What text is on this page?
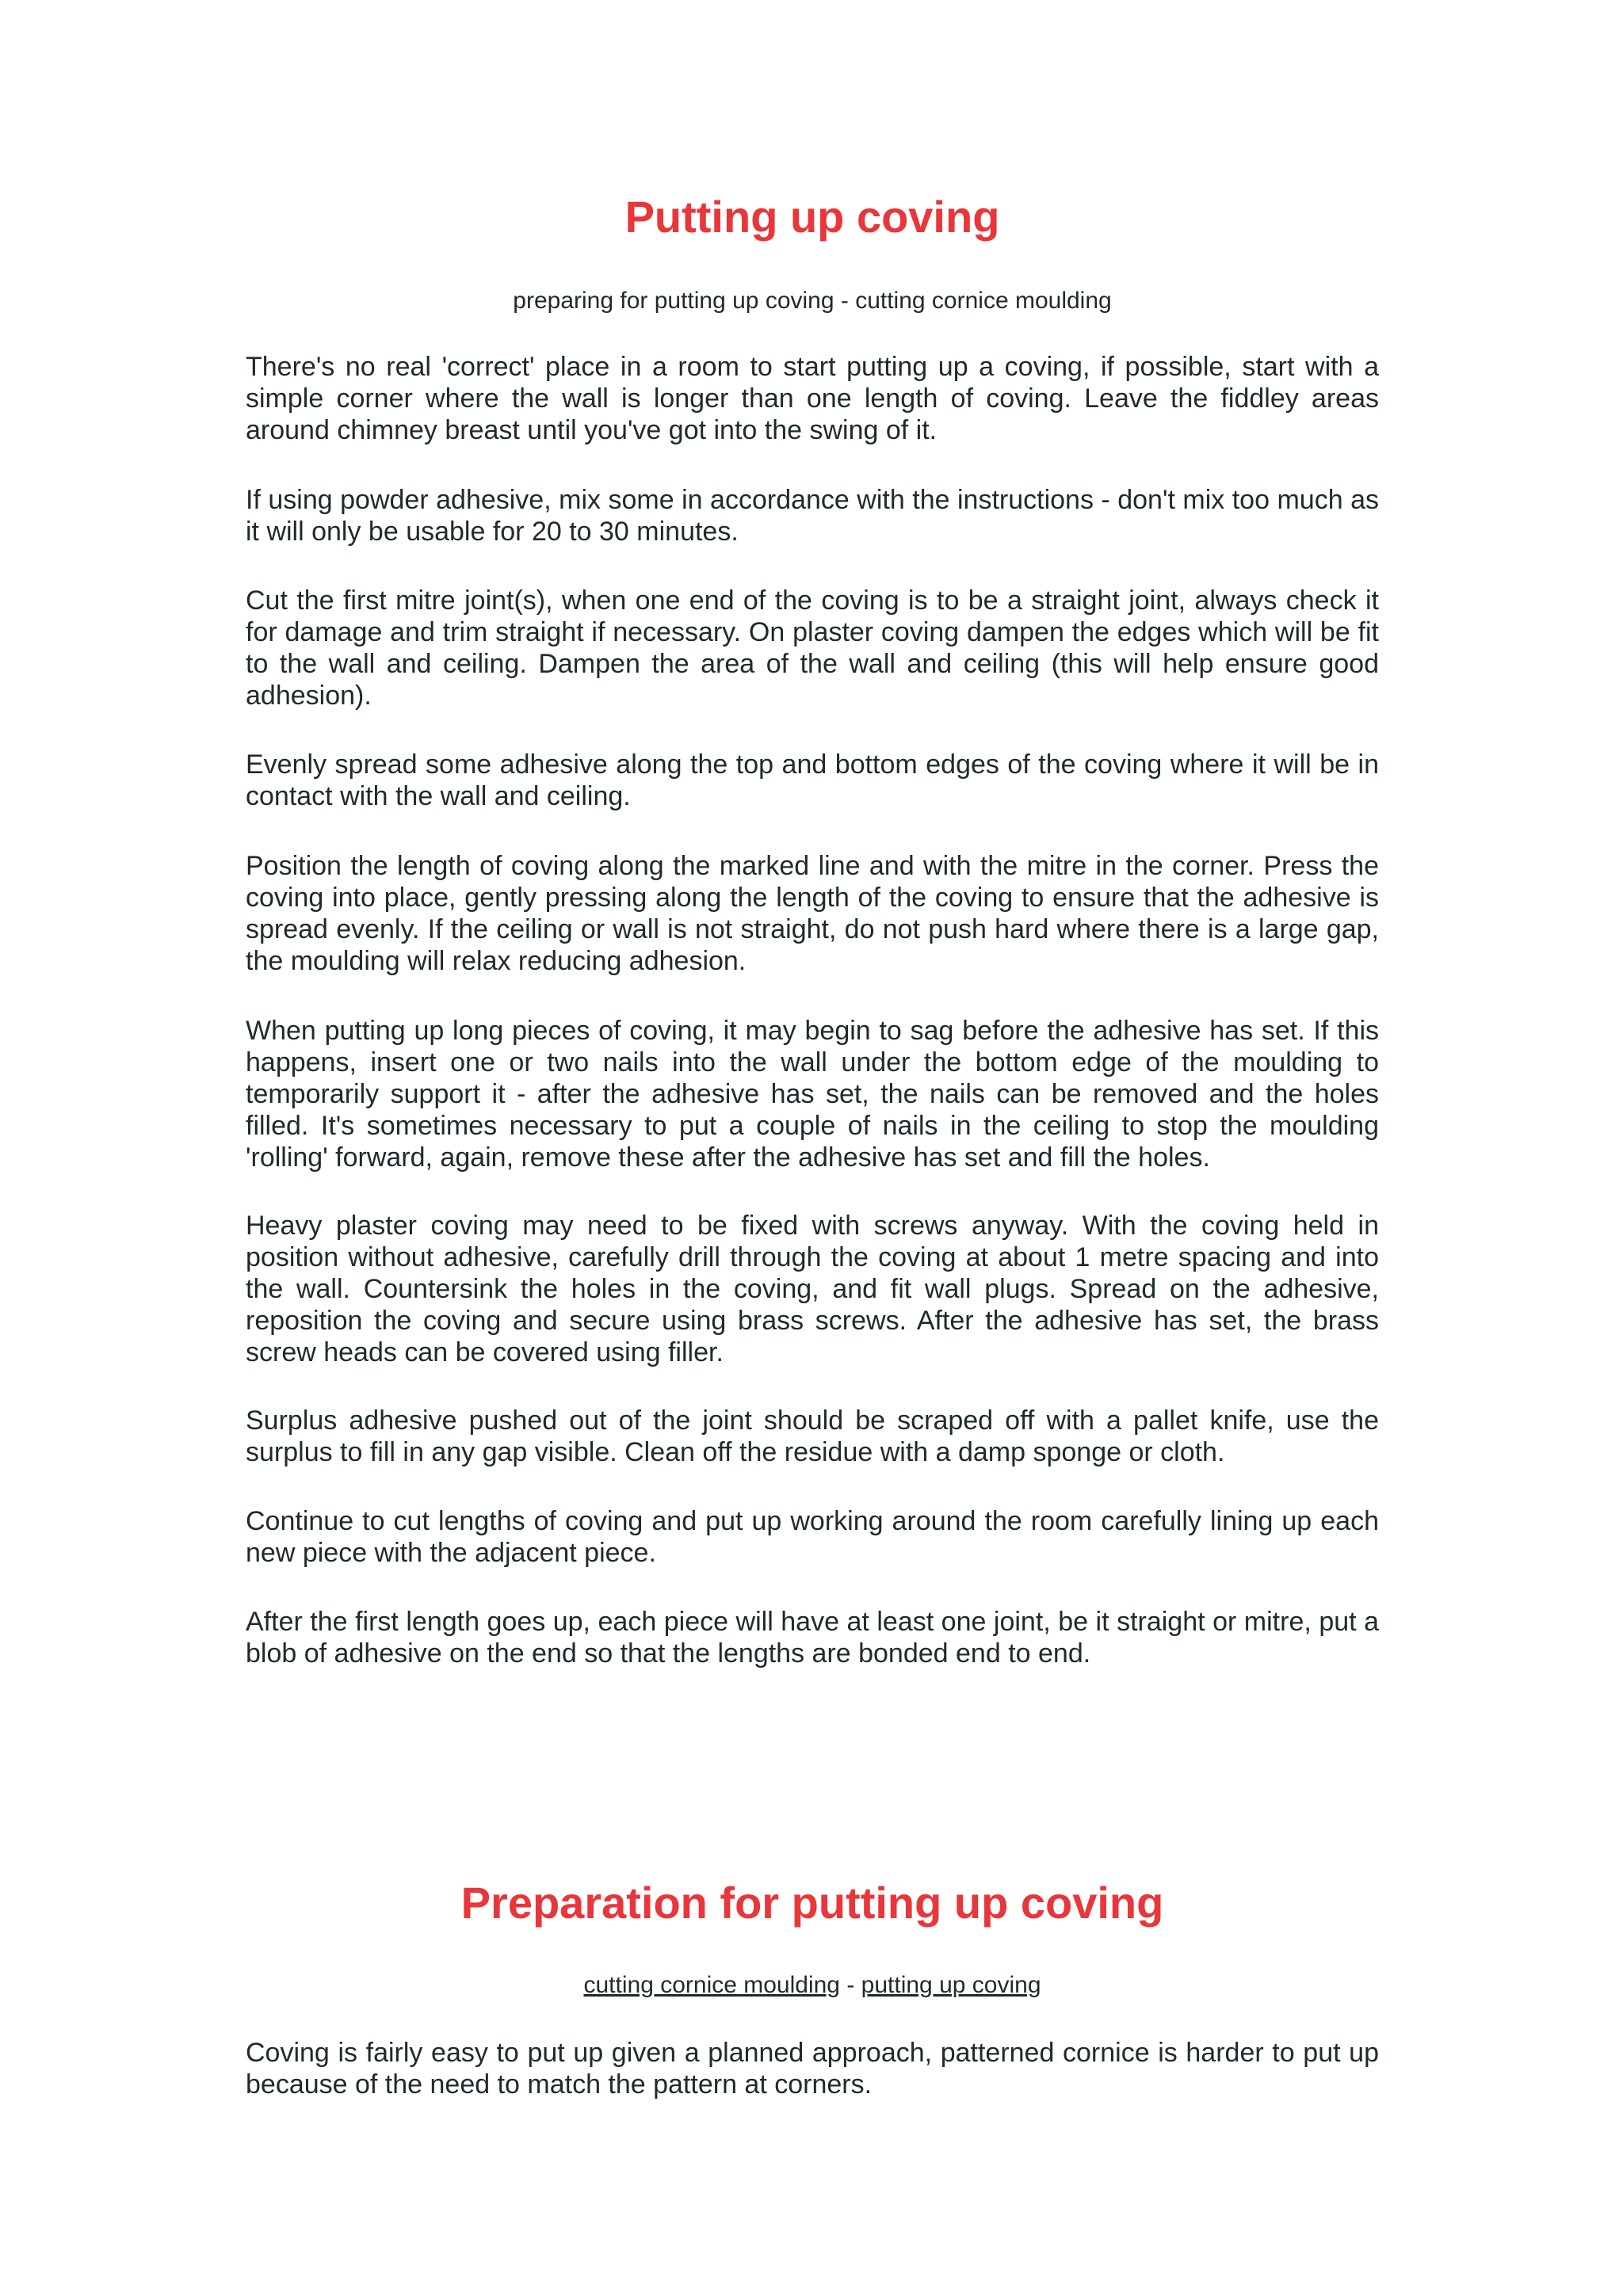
Putting up coving

preparing for putting up coving - cutting cornice moulding

There's no real 'correct' place in a room to start putting up a coving, if possible, start with a simple corner where the wall is longer than one length of coving. Leave the fiddley areas around chimney breast until you've got into the swing of it.

If using powder adhesive, mix some in accordance with the instructions - don't mix too much as it will only be usable for 20 to 30 minutes.

Cut the first mitre joint(s), when one end of the coving is to be a straight joint, always check it for damage and trim straight if necessary. On plaster coving dampen the edges which will be fit to the wall and ceiling. Dampen the area of the wall and ceiling (this will help ensure good adhesion).

Evenly spread some adhesive along the top and bottom edges of the coving where it will be in contact with the wall and ceiling.

Position the length of coving along the marked line and with the mitre in the corner. Press the coving into place, gently pressing along the length of the coving to ensure that the adhesive is spread evenly. If the ceiling or wall is not straight, do not push hard where there is a large gap, the moulding will relax reducing adhesion.

When putting up long pieces of coving, it may begin to sag before the adhesive has set. If this happens, insert one or two nails into the wall under the bottom edge of the moulding to temporarily support it - after the adhesive has set, the nails can be removed and the holes filled. It's sometimes necessary to put a couple of nails in the ceiling to stop the moulding 'rolling' forward, again, remove these after the adhesive has set and fill the holes.

Heavy plaster coving may need to be fixed with screws anyway. With the coving held in position without adhesive, carefully drill through the coving at about 1 metre spacing and into the wall. Countersink the holes in the coving, and fit wall plugs. Spread on the adhesive, reposition the coving and secure using brass screws. After the adhesive has set, the brass screw heads can be covered using filler.

Surplus adhesive pushed out of the joint should be scraped off with a pallet knife, use the surplus to fill in any gap visible. Clean off the residue with a damp sponge or cloth.

Continue to cut lengths of coving and put up working around the room carefully lining up each new piece with the adjacent piece.

After the first length goes up, each piece will have at least one joint, be it straight or mitre, put a blob of adhesive on the end so that the lengths are bonded end to end.

Preparation for putting up coving

cutting cornice moulding - putting up coving

Coving is fairly easy to put up given a planned approach, patterned cornice is harder to put up because of the need to match the pattern at corners.
